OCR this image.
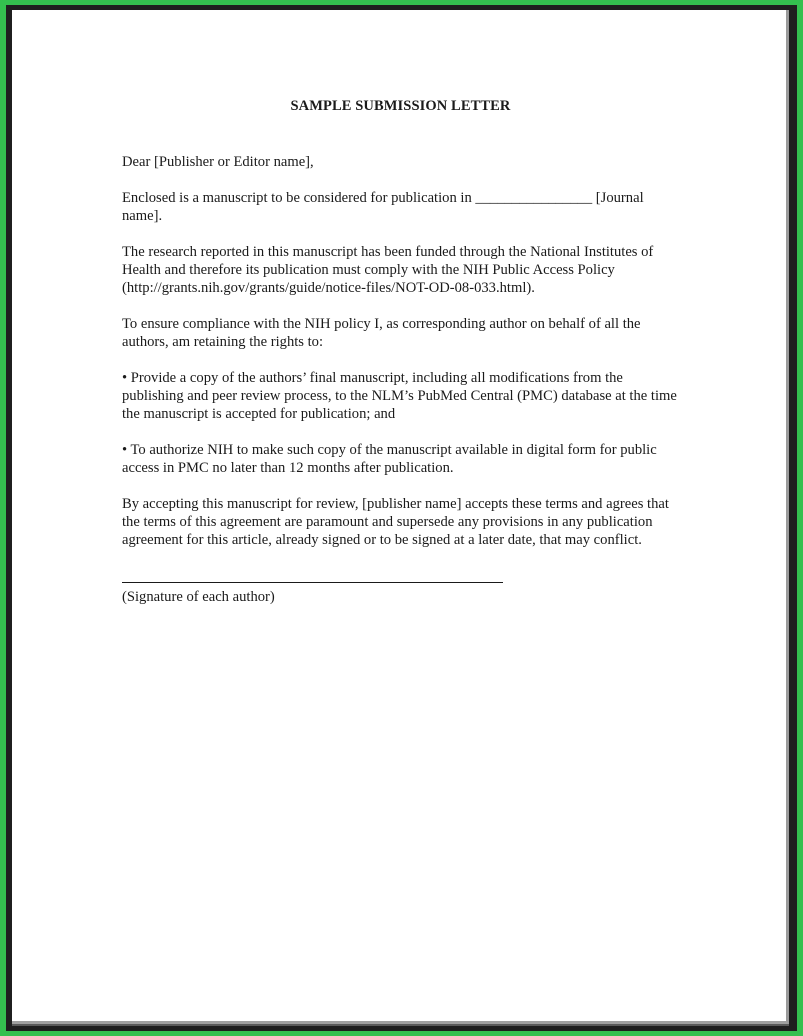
SAMPLE SUBMISSION LETTER

Dear [Publisher or Editor name],

Enclosed is a manuscript to be considered for publication in ________________ [Journal name].

The research reported in this manuscript has been funded through the National Institutes of Health and therefore its publication must comply with the NIH Public Access Policy (http://grants.nih.gov/grants/guide/notice-files/NOT-OD-08-033.html).

To ensure compliance with the NIH policy I, as corresponding author on behalf of all the authors, am retaining the rights to:

• Provide a copy of the authors’ final manuscript, including all modifications from the publishing and peer review process, to the NLM’s PubMed Central (PMC) database at the time the manuscript is accepted for publication; and

• To authorize NIH to make such copy of the manuscript available in digital form for public access in PMC no later than 12 months after publication.

By accepting this manuscript for review, [publisher name] accepts these terms and agrees that the terms of this agreement are paramount and supersede any provisions in any publication agreement for this article, already signed or to be signed at a later date, that may conflict.

(Signature of each author)
